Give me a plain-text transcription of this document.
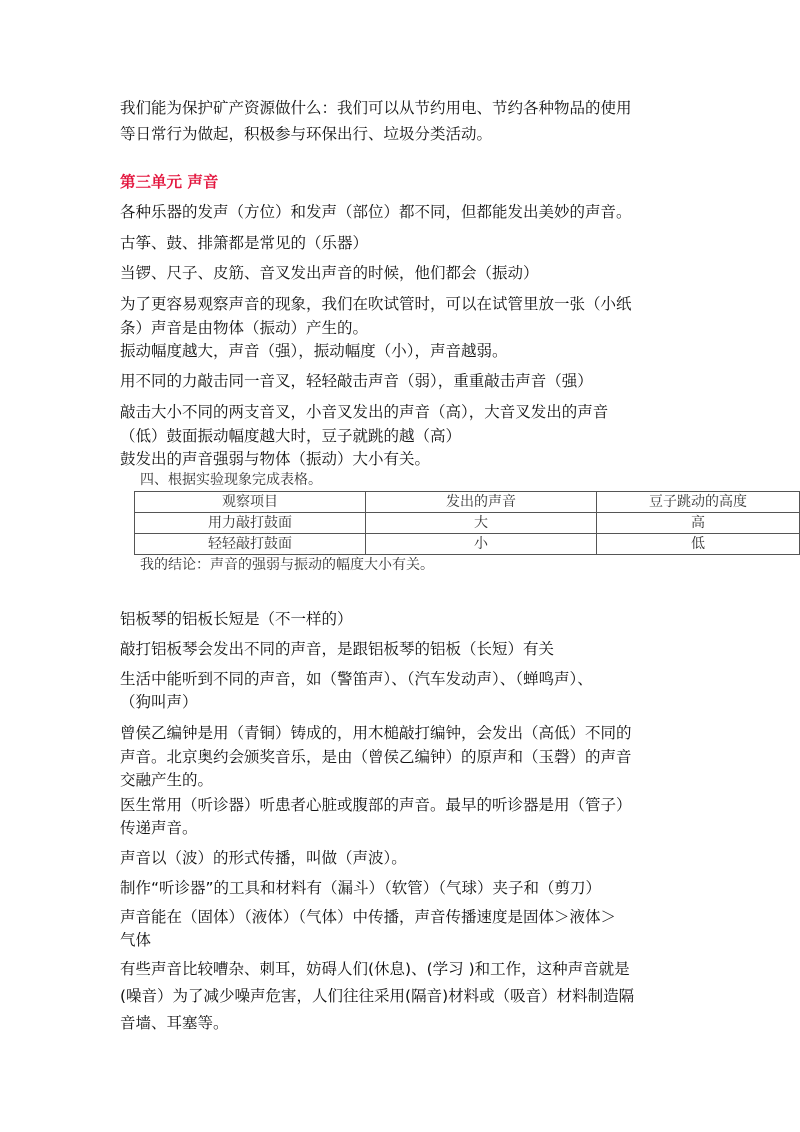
我们能为保护矿产资源做什么：我们可以从节约用电、节约各种物品的使用
等日常行为做起，积极参与环保出行、垃圾分类活动。
第三单元 声音
各种乐器的发声（方位）和发声（部位）都不同，但都能发出美妙的声音。
古筝、鼓、排箫都是常见的（乐器）
当锣、尺子、皮筋、音叉发出声音的时候，他们都会（振动）
为了更容易观察声音的现象，我们在吹试管时，可以在试管里放一张（小纸
条）声音是由物体（振动）产生的。
振动幅度越大，声音（强），振动幅度（小），声音越弱。
用不同的力敲击同一音叉，轻轻敲击声音（弱），重重敲击声音（强）
敲击大小不同的两支音叉，小音叉发出的声音（高），大音叉发出的声音
（低）鼓面振动幅度越大时，豆子就跳的越（高）
鼓发出的声音强弱与物体（振动）大小有关。
四、根据实验现象完成表格。
观察项目	发出的声音	豆子跳动的高度
用力敲打鼓面	大	高
轻轻敲打鼓面	小	低
我的结论：声音的强弱与振动的幅度大小有关。
铝板琴的铝板长短是（不一样的）
敲打铝板琴会发出不同的声音，是跟铝板琴的铝板（长短）有关
生活中能听到不同的声音，如（警笛声）、（汽车发动声）、（蝉鸣声）、
（狗叫声）
曾侯乙编钟是用（青铜）铸成的，用木槌敲打编钟，会发出（高低）不同的
声音。北京奥约会颁奖音乐，是由（曾侯乙编钟）的原声和（玉磬）的声音
交融产生的。
医生常用（听诊器）听患者心脏或腹部的声音。最早的听诊器是用（管子）
传递声音。
声音以（波）的形式传播，叫做（声波）。
制作“听诊器”的工具和材料有（漏斗）（软管）（气球）夹子和（剪刀）
声音能在（固体）（液体）（气体）中传播，声音传播速度是固体＞液体＞
气体
有些声音比较嘈杂、刺耳，妨碍人们(休息)、(学习 )和工作，这种声音就是
(噪音）为了减少噪声危害，人们往往采用(隔音)材料或（吸音）材料制造隔
音墙、耳塞等。
